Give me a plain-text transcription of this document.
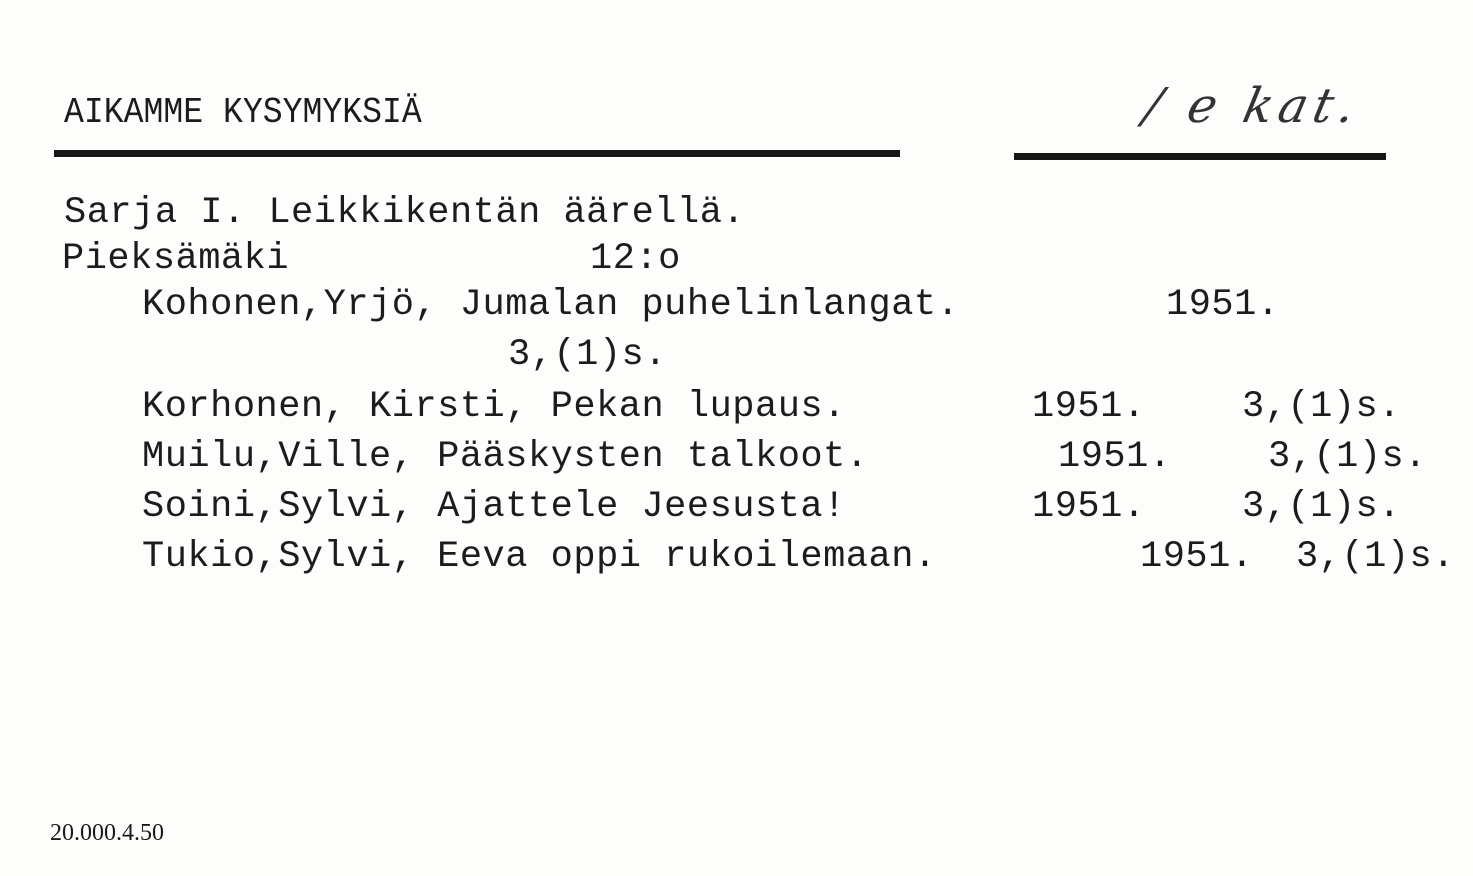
AIKAMME KYSYMYKSIÄ	/ e kat.
Sarja I. Leikkikentän äärellä.
Pieksämäki	12:o
Kohonen,Yrjö, Jumalan puhelinlangat.	1951.
3,(1)s.
Korhonen, Kirsti, Pekan lupaus.	1951.	3,(1)s.
Muilu,Ville, Pääskysten talkoot.	1951.	3,(1)s.
Soini,Sylvi, Ajattele Jeesusta!	1951.	3,(1)s.
Tukio,Sylvi, Eeva oppi rukoilemaan.	1951. 3,(1)s.
20.000.4.50
